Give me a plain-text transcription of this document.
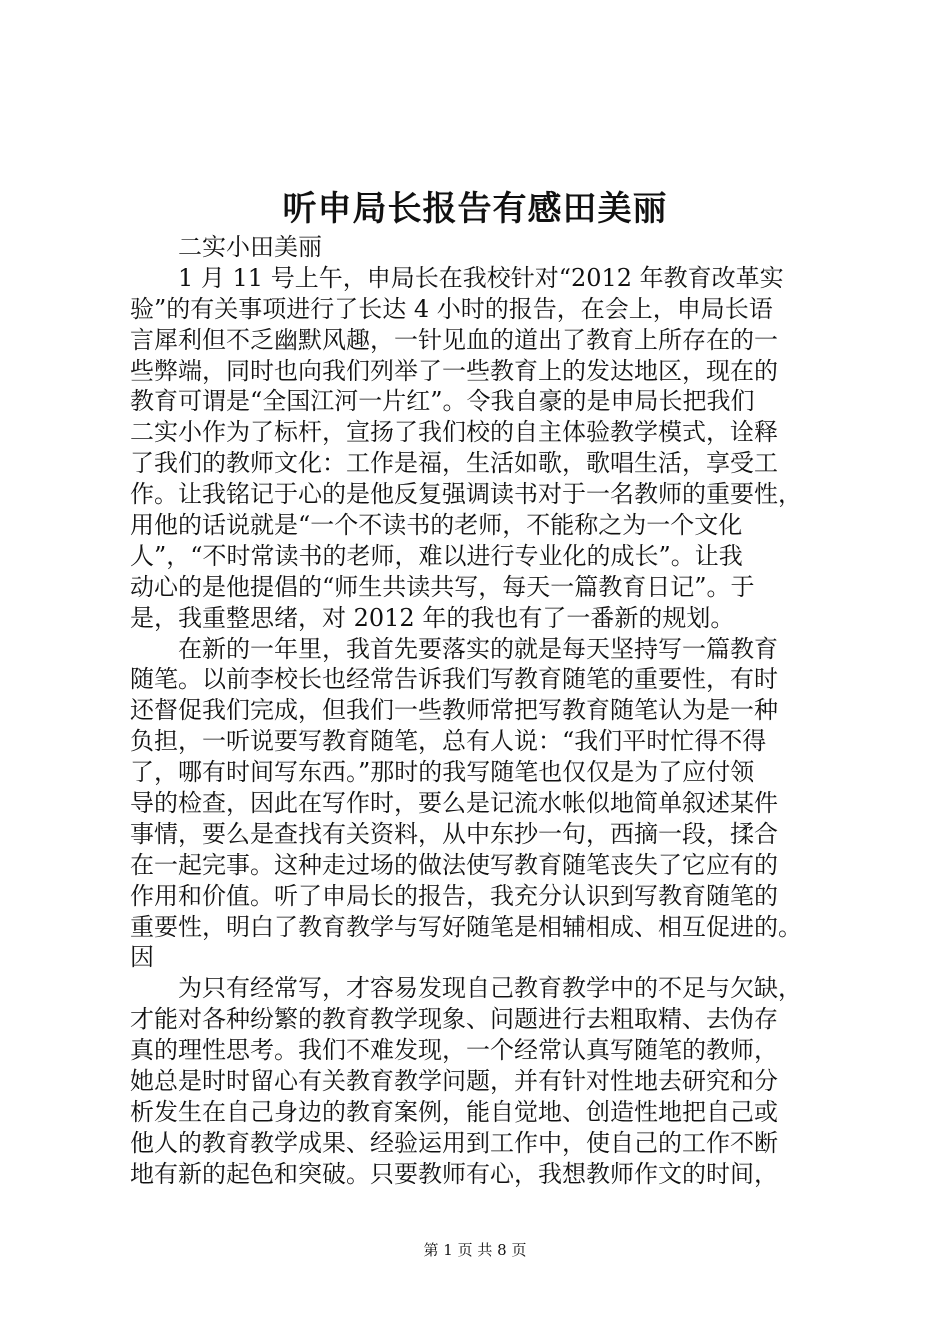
听申局长报告有感田美丽
　　二实小田美丽
　　1 月 11 号上午，申局长在我校针对“2012 年教育改革实
验”的有关事项进行了长达 4 小时的报告，在会上，申局长语
言犀利但不乏幽默风趣，一针见血的道出了教育上所存在的一
些弊端，同时也向我们列举了一些教育上的发达地区，现在的
教育可谓是“全国江河一片红”。令我自豪的是申局长把我们
二实小作为了标杆，宣扬了我们校的自主体验教学模式，诠释
了我们的教师文化：工作是福，生活如歌，歌唱生活，享受工
作。让我铭记于心的是他反复强调读书对于一名教师的重要性，
用他的话说就是“一个不读书的老师，不能称之为一个文化
人”，“不时常读书的老师，难以进行专业化的成长”。让我
动心的是他提倡的“师生共读共写，每天一篇教育日记”。于
是，我重整思绪，对 2012 年的我也有了一番新的规划。
　　在新的一年里，我首先要落实的就是每天坚持写一篇教育
随笔。以前李校长也经常告诉我们写教育随笔的重要性，有时
还督促我们完成，但我们一些教师常把写教育随笔认为是一种
负担，一听说要写教育随笔，总有人说：“我们平时忙得不得
了，哪有时间写东西。”那时的我写随笔也仅仅是为了应付领
导的检查，因此在写作时，要么是记流水帐似地简单叙述某件
事情，要么是查找有关资料，从中东抄一句，西摘一段，揉合
在一起完事。这种走过场的做法使写教育随笔丧失了它应有的
作用和价值。听了申局长的报告，我充分认识到写教育随笔的
重要性，明白了教育教学与写好随笔是相辅相成、相互促进的。
因
　　为只有经常写，才容易发现自己教育教学中的不足与欠缺，
才能对各种纷繁的教育教学现象、问题进行去粗取精、去伪存
真的理性思考。我们不难发现，一个经常认真写随笔的教师，
她总是时时留心有关教育教学问题，并有针对性地去研究和分
析发生在自己身边的教育案例，能自觉地、创造性地把自己或
他人的教育教学成果、经验运用到工作中，使自己的工作不断
地有新的起色和突破。只要教师有心，我想教师作文的时间，
第 1 页 共 8 页
